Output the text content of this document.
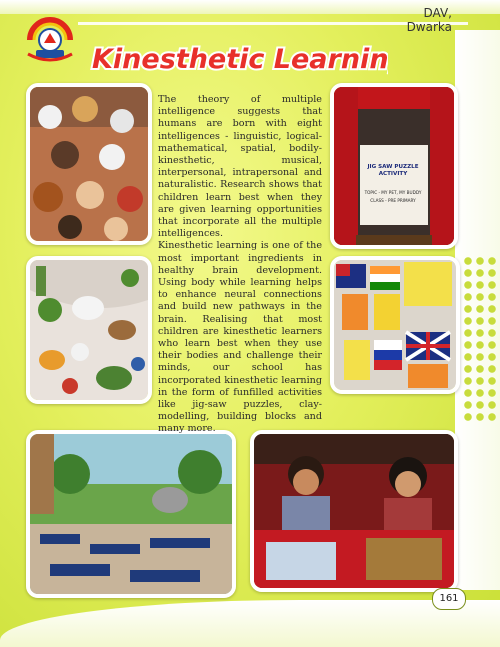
DAV, Dwarka
Kinesthetic Learning
JIG SAW PUZZLE ACTIVITY
TOPIC - MY PET, MY BUDDY
CLASS - PRE PRIMARY

The theory of multiple intelligence suggests that humans are born with eight intelligences - linguistic, logical-mathematical, spatial, bodily-kinesthetic, musical, interpersonal, intrapersonal and naturalistic. Research shows that children learn best when they are given learning opportunities that incorporate all the multiple intelligences.

Kinesthetic learning is one of the most important ingredients in healthy brain development. Using body while learning helps to enhance neural connections and build new pathways in the brain. Realising that most children are kinesthetic learners who learn best when they use their bodies and challenge their minds, our school has incorporated kinesthetic learning in the form of funfilled activities like jig-saw puzzles, clay-modelling, building blocks and many more.

161
